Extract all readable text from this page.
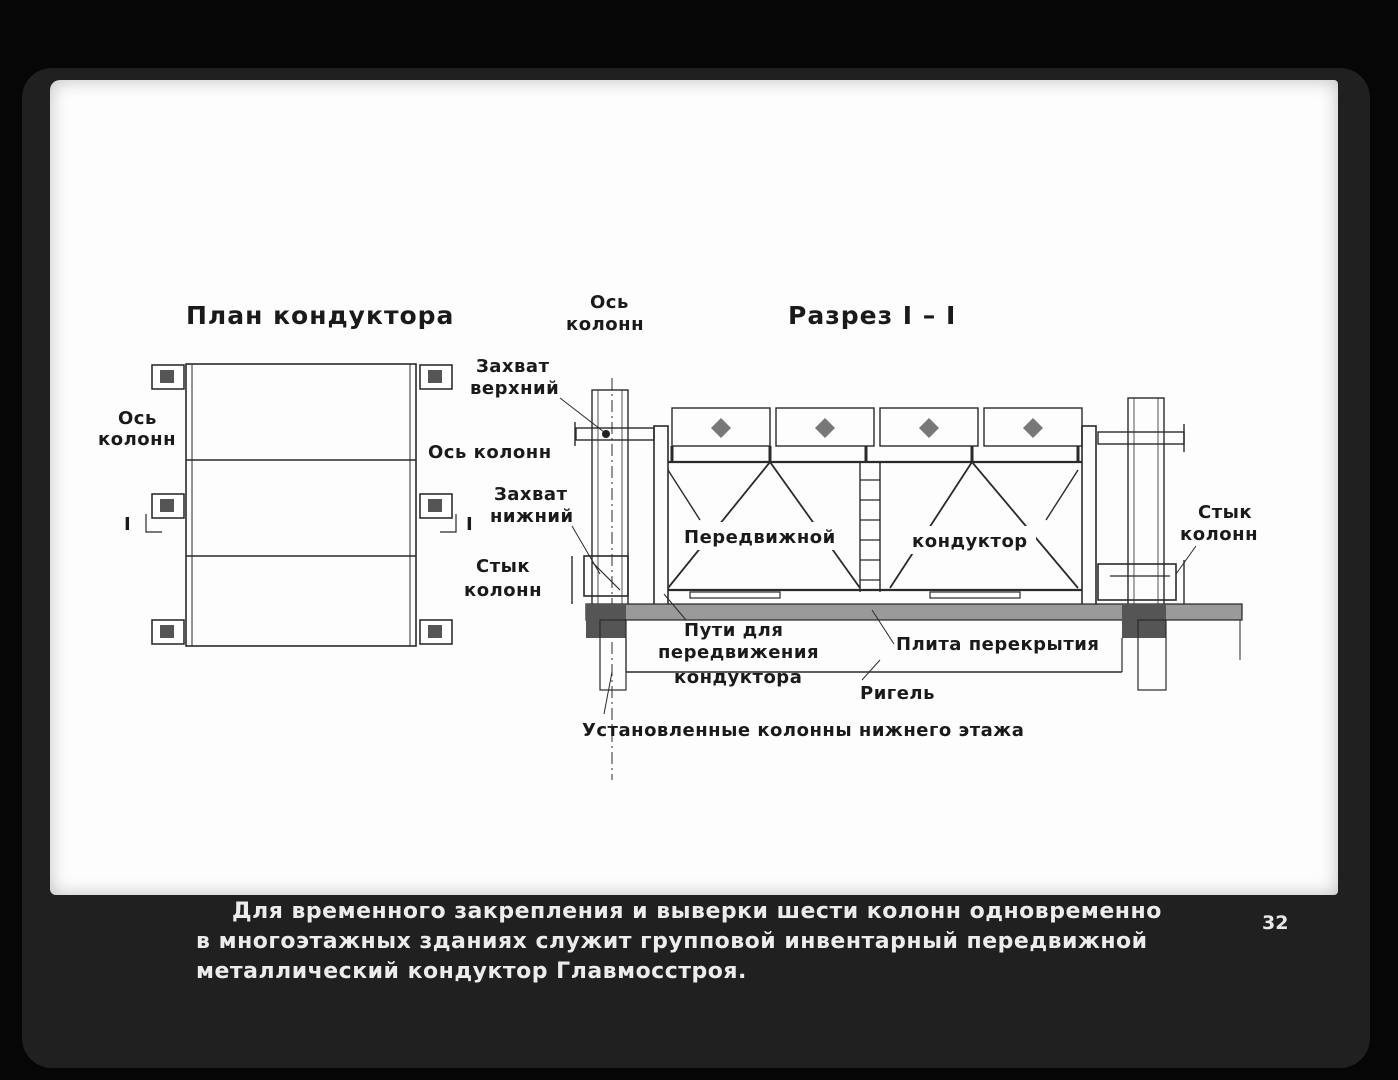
План кондуктора
Ось
колонн
I	I
Разрез I – I
Ось
колонн
Захват
верхний
Ось колонн
Захват
нижний
Стык
колонн
Стык
колонн
Передвижной	кондуктор
Пути для
передвижения
кондуктора
Плита перекрытия
Ригель
Установленные колонны нижнего этажа
Для временного закрепления и выверки шести колонн одновременно
в многоэтажных зданиях служит групповой инвентарный передвижной
металлический кондуктор Главмосстроя.
32
